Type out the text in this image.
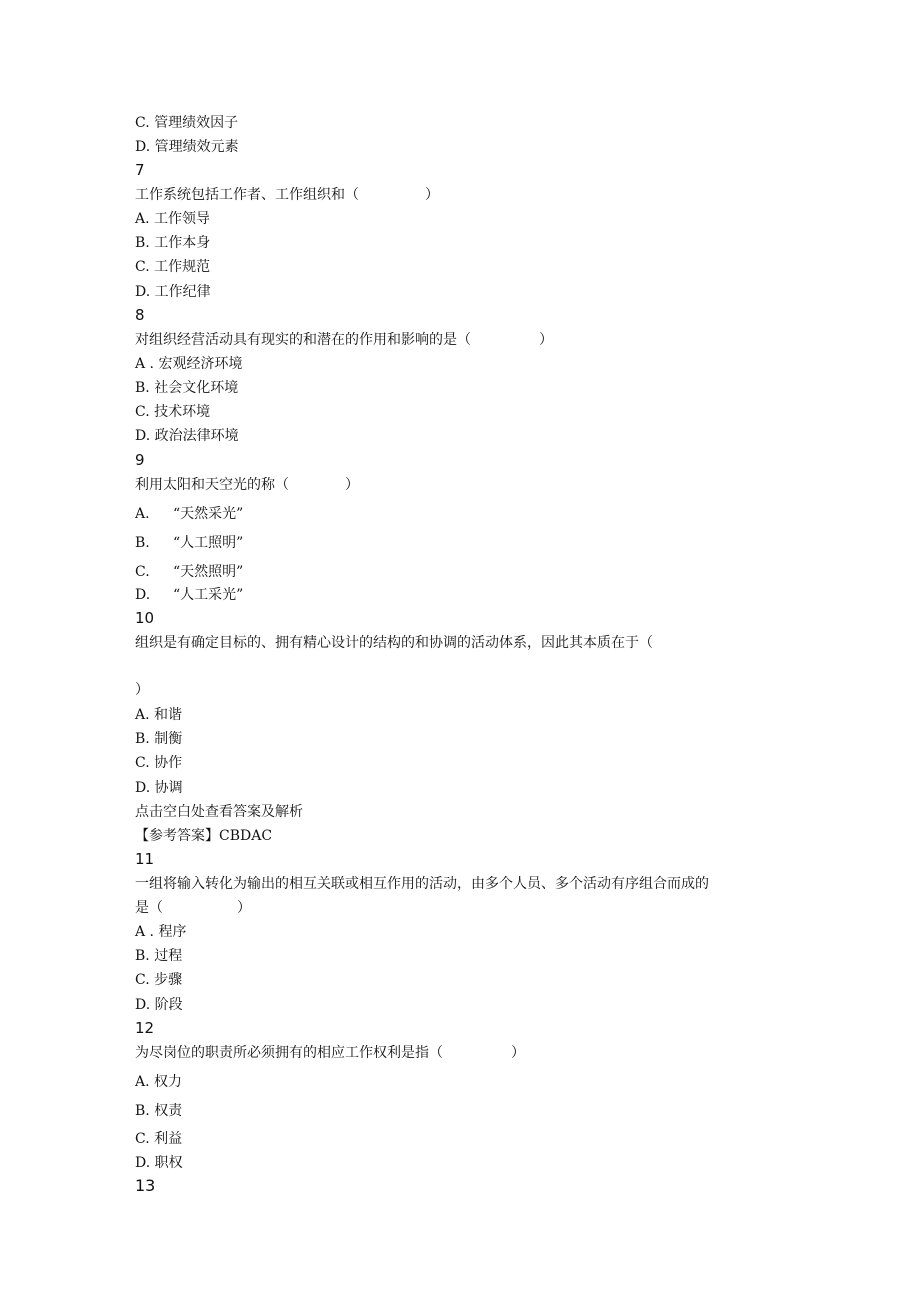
C. 管理绩效因子
D. 管理绩效元素
7
工作系统包括工作者、工作组织和（	）
A. 工作领导
B. 工作本身
C. 工作规范
D. 工作纪律
8
对组织经营活动具有现实的和潜在的作用和影响的是（	）
A . 宏观经济环境
B. 社会文化环境
C. 技术环境
D. 政治法律环境
9
利用太阳和天空光的称（	）
A. “天然采光”
B. “人工照明”
C. “天然照明”
D. “人工采光”
10
组织是有确定目标的、拥有精心设计的结构的和协调的活动体系，因此其本质在于（
）
A. 和谐
B. 制衡
C. 协作
D. 协调
点击空白处查看答案及解析
【参考答案】CBDAC
11
一组将输入转化为输出的相互关联或相互作用的活动，由多个人员、多个活动有序组合而成的
是（	）
A . 程序
B. 过程
C. 步骤
D. 阶段
12
为尽岗位的职责所必须拥有的相应工作权利是指（	）
A. 权力
B. 权责
C. 利益
D. 职权
13
